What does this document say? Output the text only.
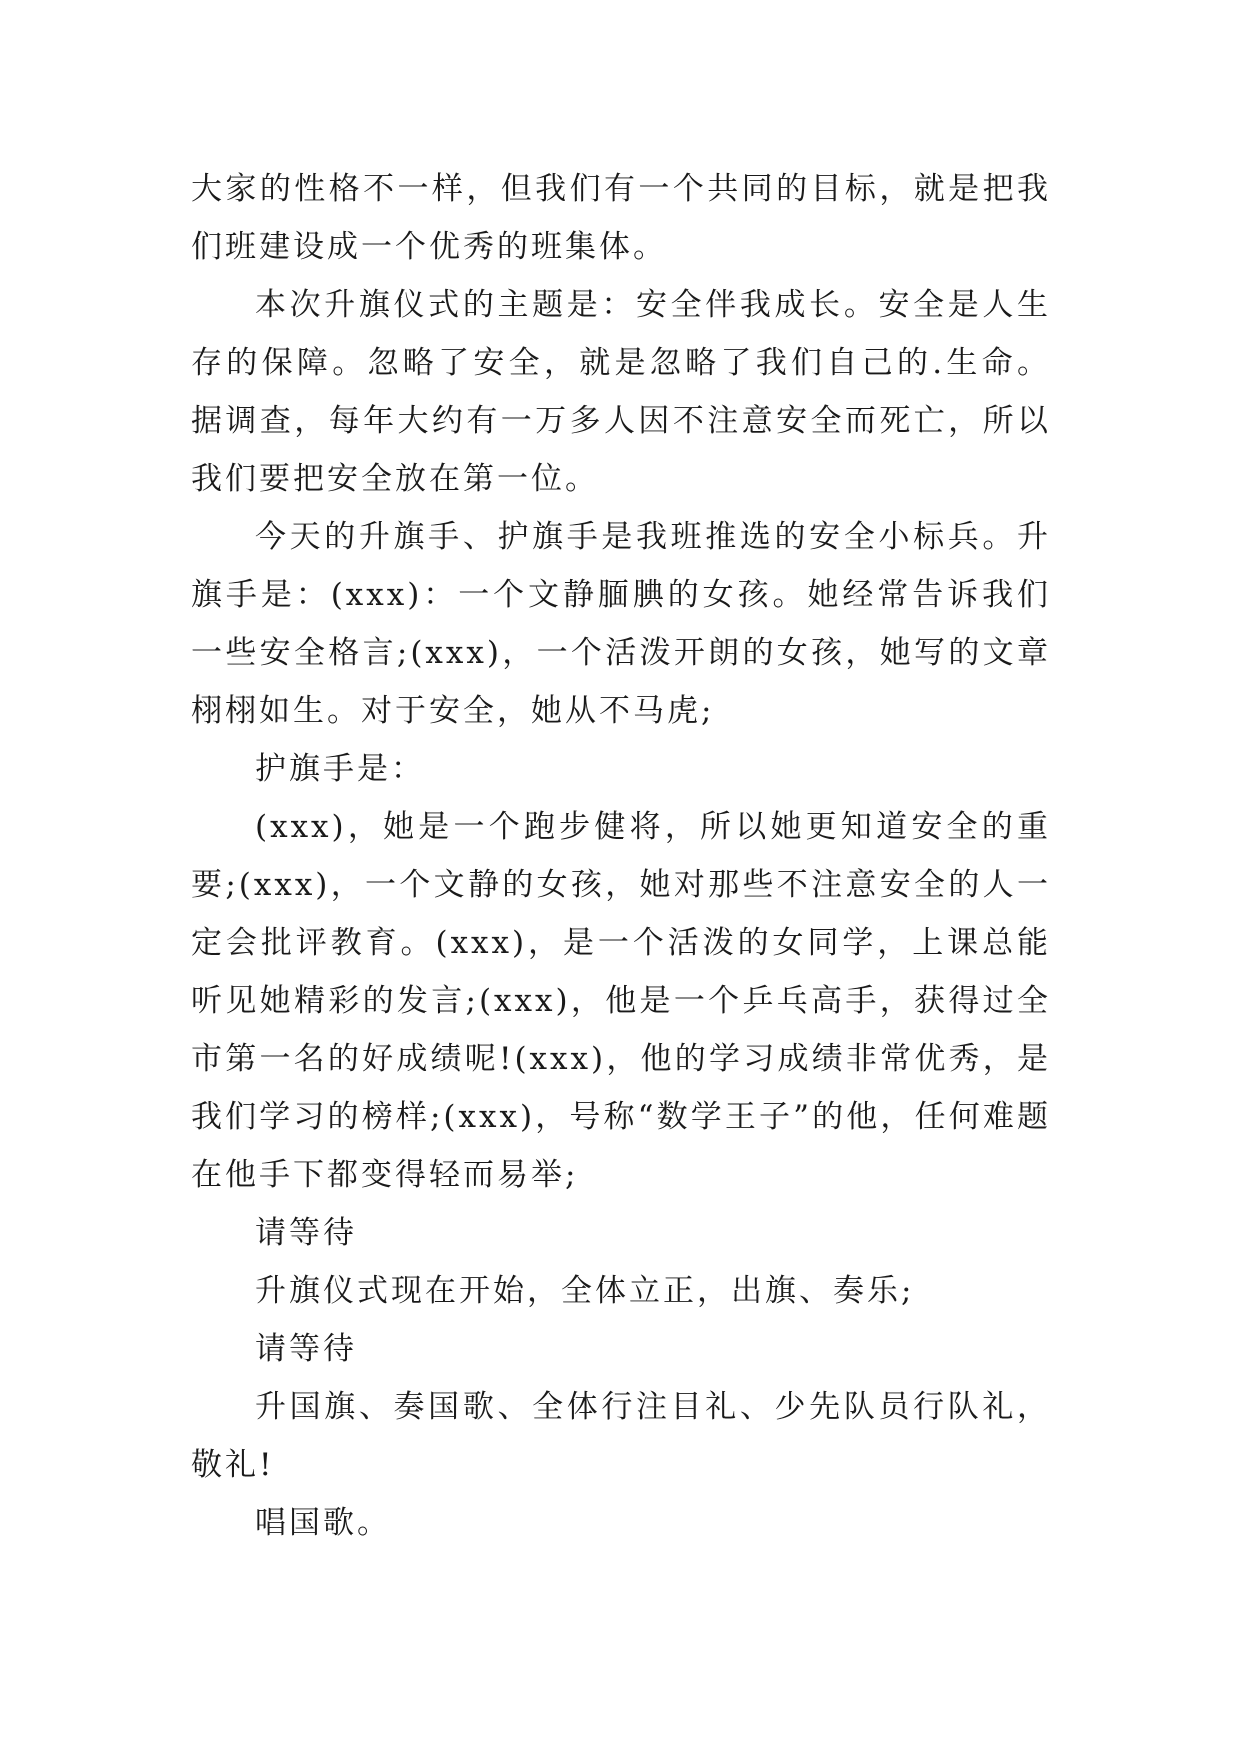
大家的性格不一样，但我们有一个共同的目标，就是把我们班建设成一个优秀的班集体。

本次升旗仪式的主题是：安全伴我成长。安全是人生存的保障。忽略了安全，就是忽略了我们自己的.生命。据调查，每年大约有一万多人因不注意安全而死亡，所以我们要把安全放在第一位。

今天的升旗手、护旗手是我班推选的安全小标兵。升旗手是：(xxx)：一个文静腼腆的女孩。她经常告诉我们一些安全格言;(xxx)，一个活泼开朗的女孩，她写的文章栩栩如生。对于安全，她从不马虎;

护旗手是：

(xxx)，她是一个跑步健将，所以她更知道安全的重要;(xxx)，一个文静的女孩，她对那些不注意安全的人一定会批评教育。(xxx)，是一个活泼的女同学，上课总能听见她精彩的发言;(xxx)，他是一个乒乓高手，获得过全市第一名的好成绩呢!(xxx)，他的学习成绩非常优秀，是我们学习的榜样;(xxx)，号称“数学王子”的他，任何难题在他手下都变得轻而易举;

请等待

升旗仪式现在开始，全体立正，出旗、奏乐;

请等待

升国旗、奏国歌、全体行注目礼、少先队员行队礼，敬礼!

唱国歌。
